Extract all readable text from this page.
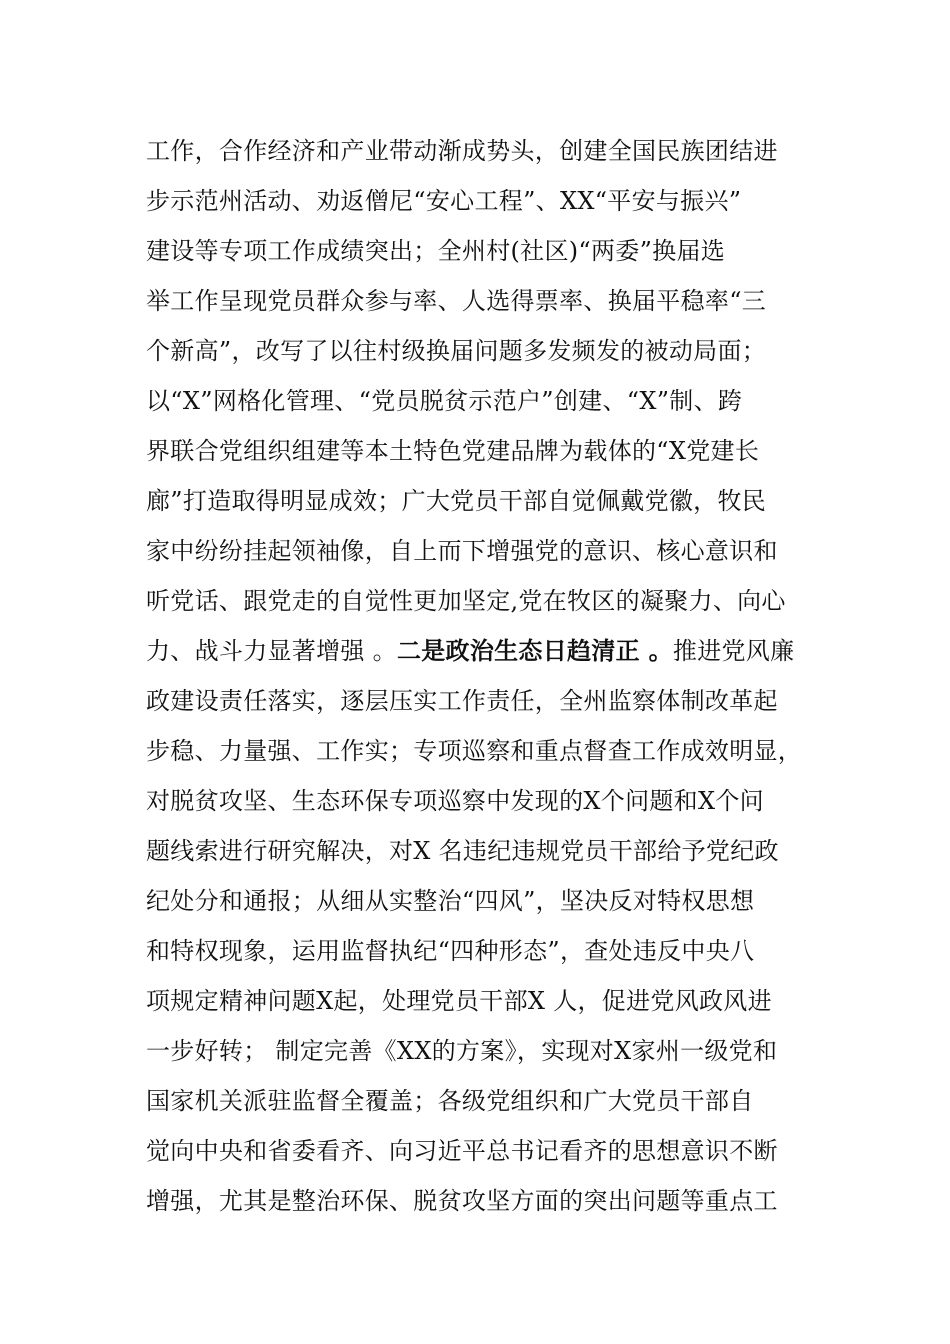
工作，合作经济和产业带动渐成势头，创建全国民族团结进
步示范州活动、劝返僧尼“安心工程”、XX“平安与振兴”
建设等专项工作成绩突出；全州村(社区)“两委”换届选
举工作呈现党员群众参与率、人选得票率、换届平稳率“三
个新高”，改写了以往村级换届问题多发频发的被动局面；
以“X”网格化管理、“党员脱贫示范户”创建、“X”制、跨
界联合党组织组建等本土特色党建品牌为载体的“X党建长
廊”打造取得明显成效；广大党员干部自觉佩戴党徽，牧民
家中纷纷挂起领袖像，自上而下增强党的意识、核心意识和
听党话、跟党走的自觉性更加坚定,党在牧区的凝聚力、向心
力、战斗力显著增强 。二是政治生态日趋清正 。推进党风廉
政建设责任落实，逐层压实工作责任，全州监察体制改革起
步稳、力量强、工作实；专项巡察和重点督查工作成效明显，
对脱贫攻坚、生态环保专项巡察中发现的X个问题和X个问
题线索进行研究解决，对X 名违纪违规党员干部给予党纪政
纪处分和通报；从细从实整治“四风”，坚决反对特权思想
和特权现象，运用监督执纪“四种形态”，查处违反中央八
项规定精神问题X起，处理党员干部X 人，促进党风政风进
一步好转； 制定完善《XX的方案》，实现对X家州一级党和
国家机关派驻监督全覆盖；各级党组织和广大党员干部自
觉向中央和省委看齐、向习近平总书记看齐的思想意识不断
增强，尤其是整治环保、脱贫攻坚方面的突出问题等重点工
